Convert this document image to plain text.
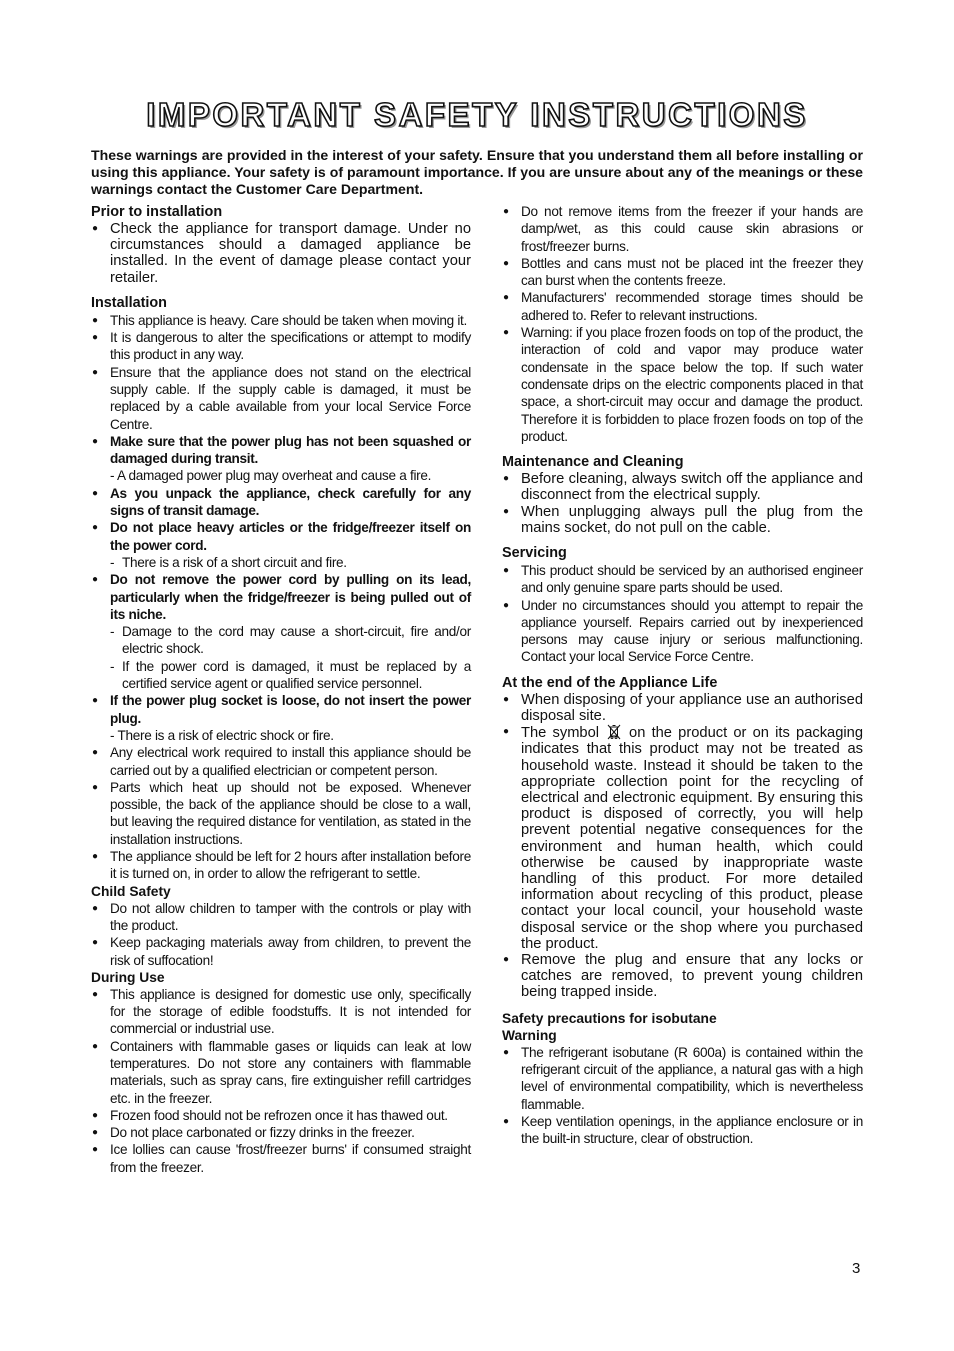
IMPORTANT SAFETY INSTRUCTIONS
These warnings are provided in the interest of your safety. Ensure that you understand them all before installing or using this appliance. Your safety is of paramount importance. If you are unsure about any of the meanings or these warnings contact the Customer Care Department.
Prior to installation
● Check the appliance for transport damage. Under no circumstances should a damaged appliance be installed. In the event of damage please contact your retailer.
Installation
● This appliance is heavy. Care should be taken when moving it.
● It is dangerous to alter the specifications or attempt to modify this product in any way.
● Ensure that the appliance does not stand on the electrical supply cable. If the supply cable is damaged, it must be replaced by a cable available from your local Service Force Centre.
● Make sure that the power plug has not been squashed or damaged during transit.
- A damaged power plug may overheat and cause a fire.
● As you unpack the appliance, check carefully for any signs of transit damage.
● Do not place heavy articles or the fridge/freezer itself on the power cord.
- There is a risk of a short circuit and fire.
● Do not remove the power cord by pulling on its lead, particularly when the fridge/freezer is being pulled out of its niche.
- Damage to the cord may cause a short-circuit, fire and/or electric shock.
- If the power cord is damaged, it must be replaced by a certified service agent or qualified service personnel.
● If the power plug socket is loose, do not insert the power plug.
- There is a risk of electric shock or fire.
● Any electrical work required to install this appliance should be carried out by a qualified electrician or competent person.
● Parts which heat up should not be exposed. Whenever possible, the back of the appliance should be close to a wall, but leaving the required distance for ventilation, as stated in the installation instructions.
● The appliance should be left for 2 hours after installation before it is turned on, in order to allow the refrigerant to settle.
Child Safety
● Do not allow children to tamper with the controls or play with the product.
● Keep packaging materials away from children, to prevent the risk of suffocation!
During Use
● This appliance is designed for domestic use only, specifically for the storage of edible foodstuffs. It is not intended for commercial or industrial use.
● Containers with flammable gases or liquids can leak at low temperatures. Do not store any containers with flammable materials, such as spray cans, fire extinguisher refill cartridges etc. in the freezer.
● Frozen food should not be refrozen once it has thawed out.
● Do not place carbonated or fizzy drinks in the freezer.
● Ice lollies can cause 'frost/freezer burns' if consumed straight from the freezer.
● Do not remove items from the freezer if your hands are damp/wet, as this could cause skin abrasions or frost/freezer burns.
● Bottles and cans must not be placed int the freezer they can burst when the contents freeze.
● Manufacturers' recommended storage times should be adhered to. Refer to relevant instructions.
● Warning: if you place frozen foods on top of the product, the interaction of cold and vapor may produce water condensate in the space below the top. If such water condensate drips on the electric components placed in that space, a short-circuit may occur and damage the product. Therefore it is forbidden to place frozen foods on top of the product.
Maintenance and Cleaning
● Before cleaning, always switch off the appliance and disconnect from the electrical supply.
● When unplugging always pull the plug from the mains socket, do not pull on the cable.
Servicing
● This product should be serviced by an authorised engineer and only genuine spare parts should be used.
● Under no circumstances should you attempt to repair the appliance yourself. Repairs carried out by inexperienced persons may cause injury or serious malfunctioning. Contact your local Service Force Centre.
At the end of the Appliance Life
● When disposing of your appliance use an authorised disposal site.
● The symbol on the product or on its packaging indicates that this product may not be treated as household waste. Instead it should be taken to the appropriate collection point for the recycling of electrical and electronic equipment. By ensuring this product is disposed of correctly, you will help prevent potential negative consequences for the environment and human health, which could otherwise be caused by inappropriate waste handling of this product. For more detailed information about recycling of this product, please contact your local council, your household waste disposal service or the shop where you purchased the product.
● Remove the plug and ensure that any locks or catches are removed, to prevent young children being trapped inside.
Safety precautions for isobutane
Warning
● The refrigerant isobutane (R 600a) is contained within the refrigerant circuit of the appliance, a natural gas with a high level of environmental compatibility, which is nevertheless flammable.
● Keep ventilation openings, in the appliance enclosure or in the built-in structure, clear of obstruction.
3
